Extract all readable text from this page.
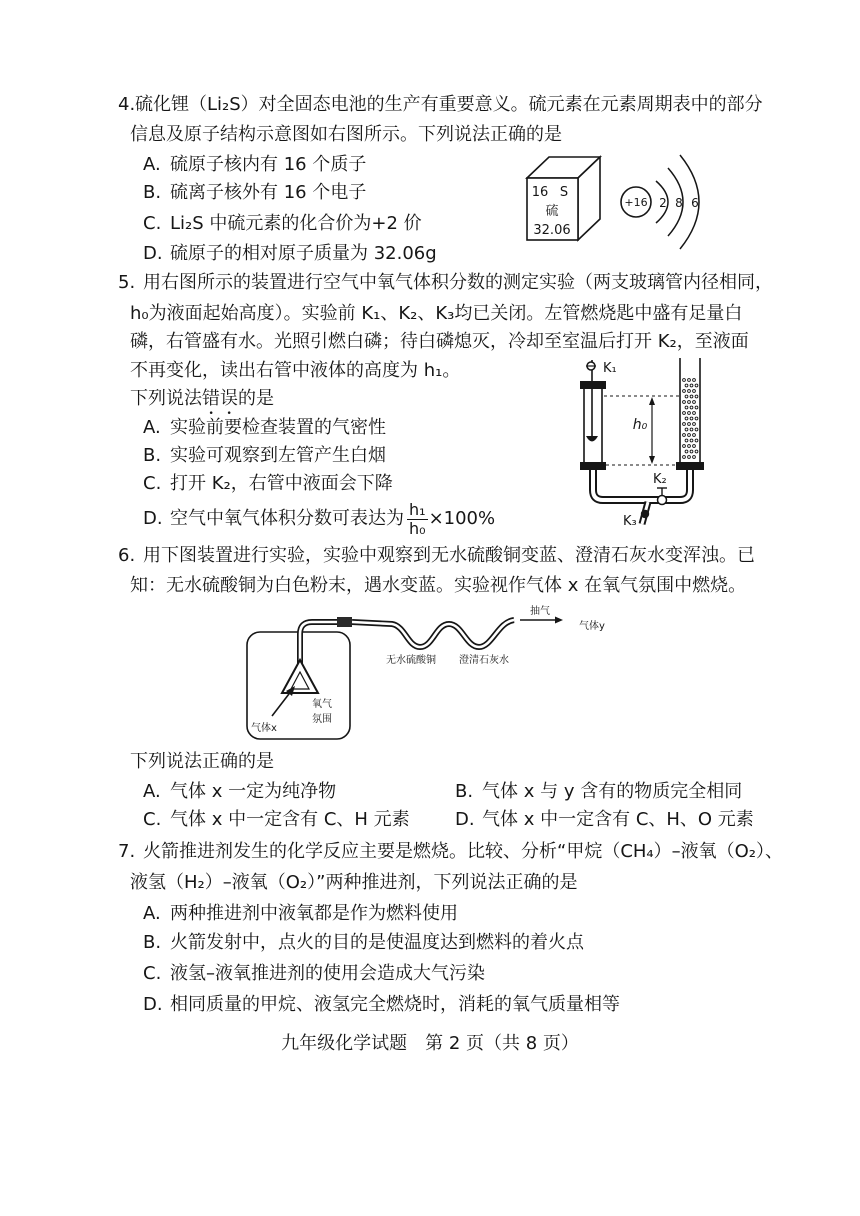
4.硫化锂（Li₂S）对全固态电池的生产有重要意义。硫元素在元素周期表中的部分
信息及原子结构示意图如右图所示。下列说法正确的是
A. 硫原子核内有 16 个质子
B. 硫离子核外有 16 个电子
C. Li₂S 中硫元素的化合价为+2 价
D. 硫原子的相对原子质量为 32.06g
16 S
硫
32.06
+16 2 8 6
5. 用右图所示的装置进行空气中氧气体积分数的测定实验（两支玻璃管内径相同，
h₀为液面起始高度）。实验前 K₁、K₂、K₃均已关闭。左管燃烧匙中盛有足量白
磷，右管盛有水。光照引燃白磷；待白磷熄灭，冷却至室温后打开 K₂，至液面
不再变化，读出右管中液体的高度为 h₁。
下列说法错误的是
A. 实验前要检查装置的气密性
B. 实验可观察到左管产生白烟
C. 打开 K₂，右管中液面会下降
D. 空气中氧气体积分数可表达为 $\frac{\text{h₁}}{\text{h₀}} \times 100\%$
K₁
h₀
K₃
K₂
6. 用下图装置进行实验，实验中观察到无水硫酸铜变蓝、澄清石灰水变浑浊。已
知：无水硫酸铜为白色粉末，遇水变蓝。实验视作气体 x 在氧气氛围中燃烧。
气体x
氧气
氛围
无水硫酸铜 澄清石灰水
抽气
气体y
下列说法正确的是
A. 气体 x 一定为纯净物	B. 气体 x 与 y 含有的物质完全相同
C. 气体 x 中一定含有 C、H 元素	D. 气体 x 中一定含有 C、H、O 元素
7. 火箭推进剂发生的化学反应主要是燃烧。比较、分析“甲烷（CH₄）–液氧（O₂）、
液氢（H₂）–液氧（O₂）”两种推进剂，下列说法正确的是
A. 两种推进剂中液氧都是作为燃料使用
B. 火箭发射中，点火的目的是使温度达到燃料的着火点
C. 液氢–液氧推进剂的使用会造成大气污染
D. 相同质量的甲烷、液氢完全燃烧时，消耗的氧气质量相等
九年级化学试题　第 2 页（共 8 页）
